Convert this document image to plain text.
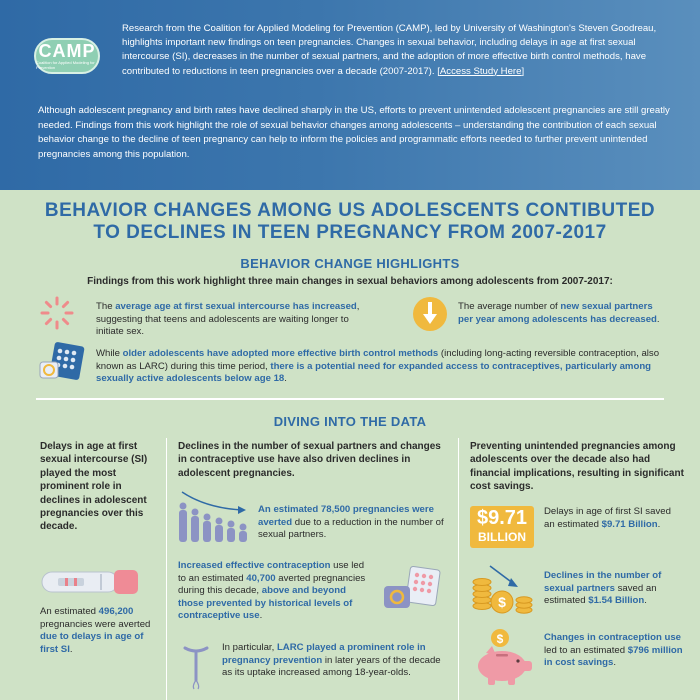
CAMP
Coalition for Applied Modeling for Prevention
Research from the Coalition for Applied Modeling for Prevention (CAMP), led by University of Washington's Steven Goodreau, highlights important new findings on teen pregnancies. Changes in sexual behavior, including delays in age at first sexual intercourse (SI), decreases in the number of sexual partners, and the adoption of more effective birth control methods, have contributed to reductions in teen pregnancies over a decade (2007-2017). [Access Study Here]
Although adolescent pregnancy and birth rates have declined sharply in the US, efforts to prevent unintended adolescent pregnancies are still greatly needed. Findings from this work highlight the role of sexual behavior changes among adolescents – understanding the contribution of each sexual behavior change to the decline of teen pregnancy can help to inform the policies and programmatic efforts needed to further prevent unintended pregnancies among this population.
BEHAVIOR CHANGES AMONG US ADOLESCENTS CONTIBUTED
TO DECLINES IN TEEN PREGNANCY FROM 2007-2017
BEHAVIOR CHANGE HIGHLIGHTS
Findings from this work highlight three main changes in sexual behaviors among adolescents from 2007-2017:
The average age at first sexual intercourse has increased, suggesting that teens and adolescents are waiting longer to initiate sex.
The average number of new sexual partners per year among adolescents has decreased.
While older adolescents have adopted more effective birth control methods (including long-acting reversible contraception, also known as LARC) during this time period, there is a potential need for expanded access to contraceptives, particularly among sexually active adolescents below age 18.
DIVING INTO THE DATA
Delays in age at first sexual intercourse (SI) played the most prominent role in declines in adolescent pregnancies over this decade.
An estimated 496,200 pregnancies were averted due to delays in age of first SI.
Declines in the number of sexual partners and changes in contraceptive use have also driven declines in adolescent pregnancies.
An estimated 78,500 pregnancies were averted due to a reduction in the number of sexual partners.
Increased effective contraception use led to an estimated 40,700 averted pregnancies during this decade, above and beyond those prevented by historical levels of contraceptive use.
In particular, LARC played a prominent role in pregnancy prevention in later years of the decade as its uptake increased among 18-year-olds.
Preventing unintended pregnancies among adolescents over the decade also had financial implications, resulting in significant cost savings.
$9.71
BILLION
Delays in age of first SI saved an estimated $9.71 Billion.
$
Declines in the number of sexual partners saved an estimated $1.54 Billion.
$	Changes in contraception use led to an estimated $796 million in cost savings.
